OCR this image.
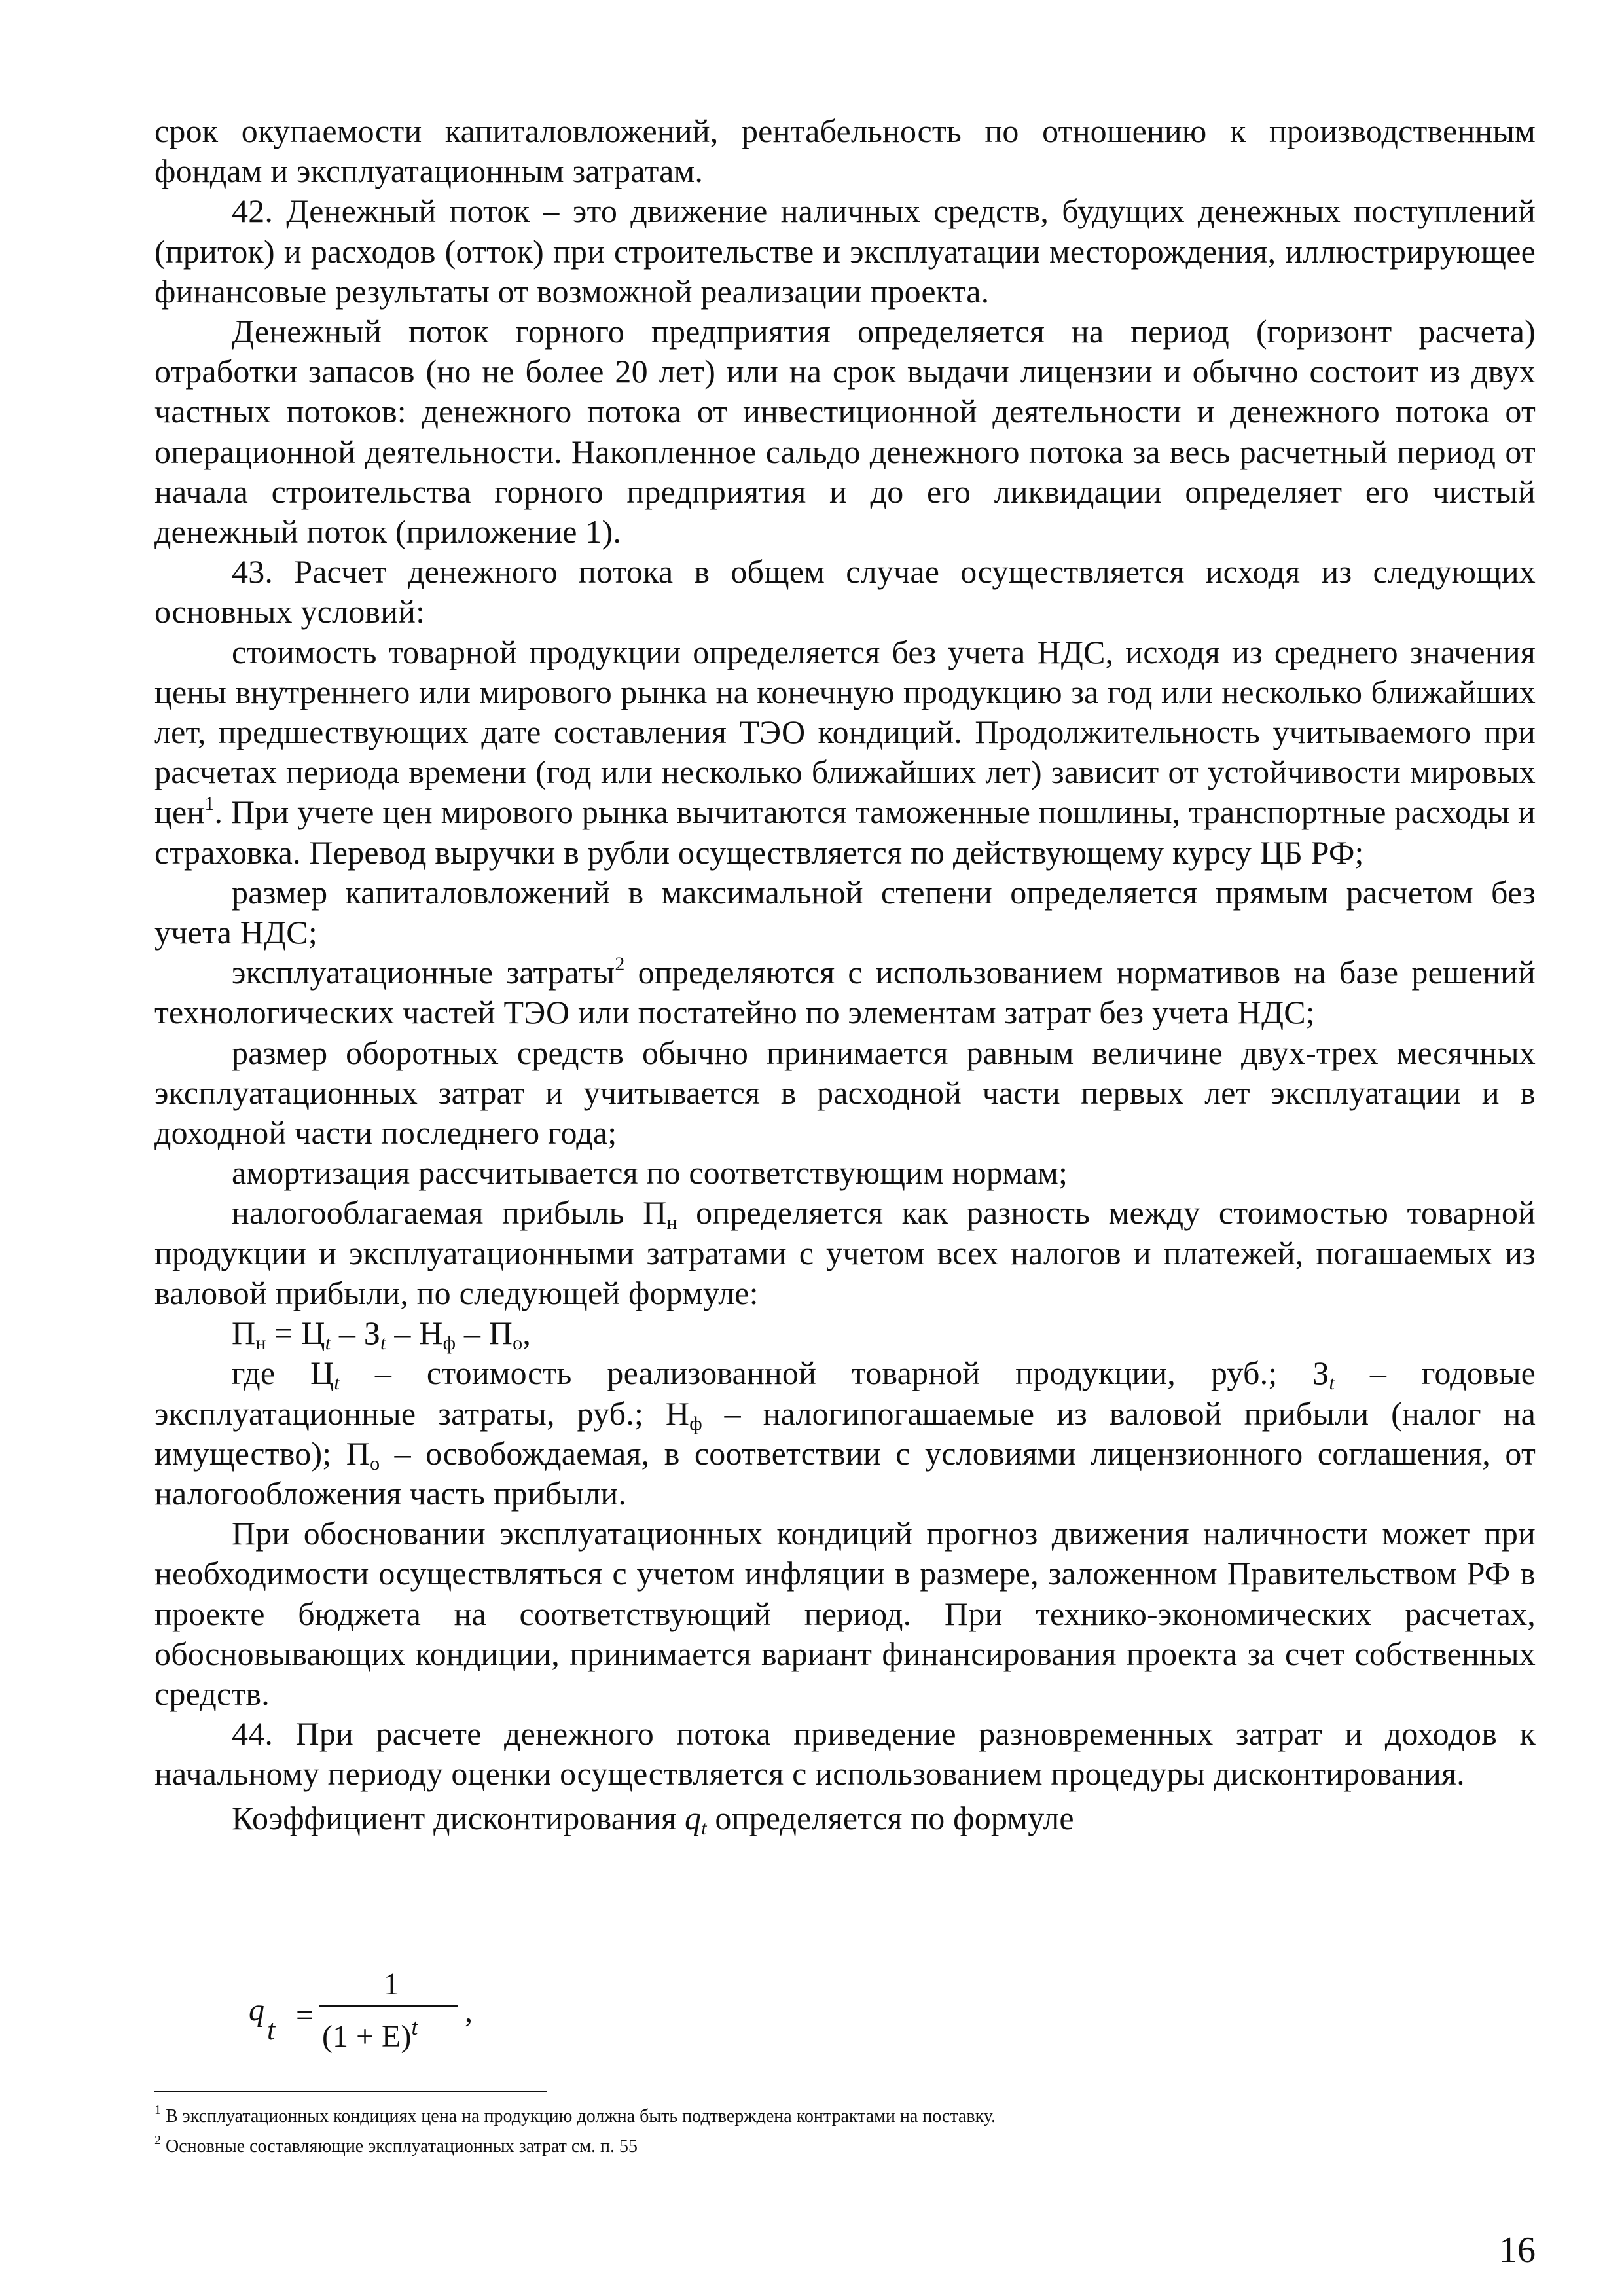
срок окупаемости капиталовложений, рентабельность по отношению к производственным фондам и эксплуатационным затратам.

42. Денежный поток – это движение наличных средств, будущих денежных поступлений (приток) и расходов (отток) при строительстве и эксплуатации месторождения, иллюстрирующее финансовые результаты от возможной реализации проекта.

Денежный поток горного предприятия определяется на период (горизонт расчета) отработки запасов (но не более 20 лет) или на срок выдачи лицензии и обычно состоит из двух частных потоков: денежного потока от инвестиционной деятельности и денежного потока от операционной деятельности. Накопленное сальдо денежного потока за весь расчетный период от начала строительства горного предприятия и до его ликвидации определяет его чистый денежный поток (приложение 1).

43. Расчет денежного потока в общем случае осуществляется исходя из следующих основных условий:

стоимость товарной продукции определяется без учета НДС, исходя из среднего значения цены внутреннего или мирового рынка на конечную продукцию за год или несколько ближайших лет, предшествующих дате составления ТЭО кондиций. Продолжительность учитываемого при расчетах периода времени (год или несколько ближайших лет) зависит от устойчивости мировых цен$^1$. При учете цен мирового рынка вычитаются таможенные пошлины, транспортные расходы и страховка. Перевод выручки в рубли осуществляется по действующему курсу ЦБ РФ;

размер капиталовложений в максимальной степени определяется прямым расчетом без учета НДС;

эксплуатационные затраты$^2$ определяются с использованием нормативов на базе решений технологических частей ТЭО или постатейно по элементам затрат без учета НДС;

размер оборотных средств обычно принимается равным величине двух-трех месячных эксплуатационных затрат и учитывается в расходной части первых лет эксплуатации и в доходной части последнего года;

амортизация рассчитывается по соответствующим нормам;

налогооблагаемая прибыль $П_н$ определяется как разность между стоимостью товарной продукции и эксплуатационными затратами с учетом всех налогов и платежей, погашаемых из валовой прибыли, по следующей формуле:

$П_н = Ц_t - З_t - Н_ф - П_о$,

где $Ц_t$ – стоимость реализованной товарной продукции, руб.; $З_t$ – годовые эксплуатационные затраты, руб.; $Н_ф$ – налогипогашаемые из валовой прибыли (налог на имущество); $П_о$ – освобождаемая, в соответствии с условиями лицензионного соглашения, от налогообложения часть прибыли.

При обосновании эксплуатационных кондиций прогноз движения наличности может при необходимости осуществляться с учетом инфляции в размере, заложенном Правительством РФ в проекте бюджета на соответствующий период. При технико-экономических расчетах, обосновывающих кондиции, принимается вариант финансирования проекта за счет собственных средств.

44. При расчете денежного потока приведение разновременных затрат и доходов к начальному периоду оценки осуществляется с использованием процедуры дисконтирования.

Коэффициент дисконтирования $q_t$ определяется по формуле

q
t =
1
$(1 + Е)^t$ ,
$^1$ В эксплуатационных кондициях цена на продукцию должна быть подтверждена контрактами на поставку.
$^2$ Основные составляющие эксплуатационных затрат см. п. 55
16
